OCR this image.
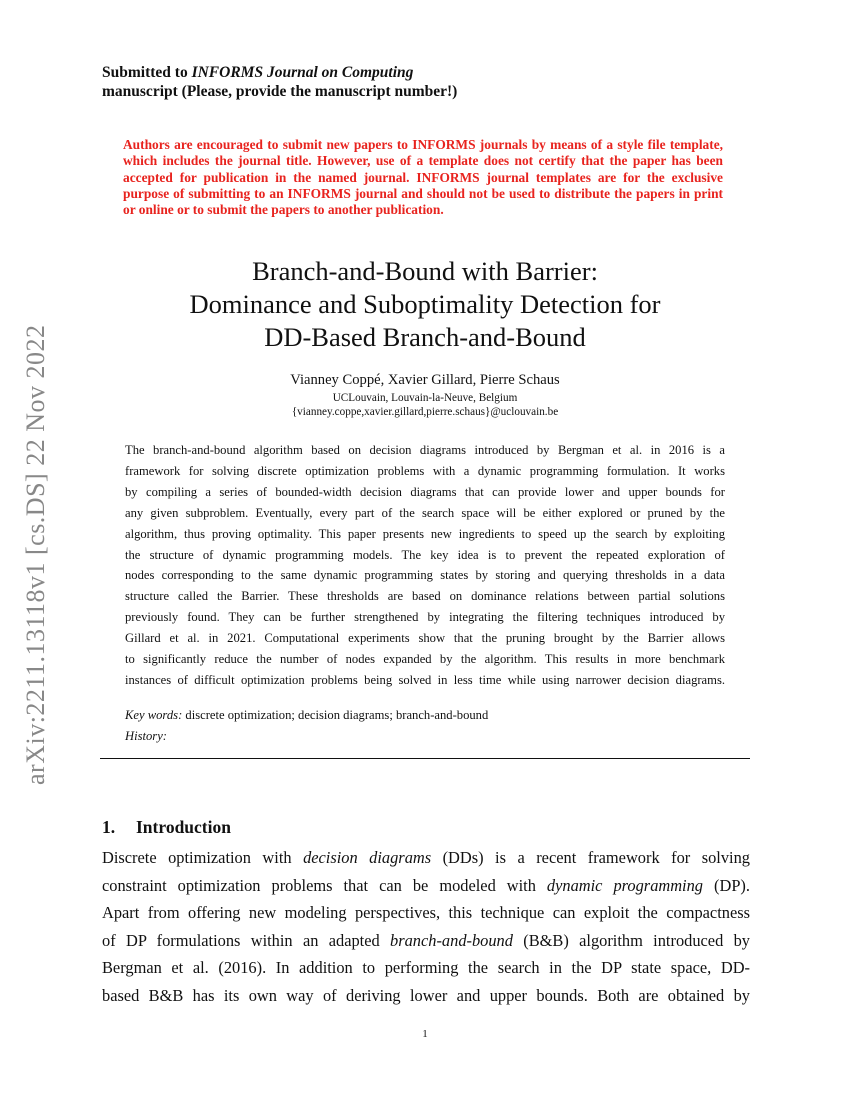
arXiv:2211.13118v1 [cs.DS] 22 Nov 2022
Submitted to INFORMS Journal on Computing
manuscript (Please, provide the manuscript number!)
Authors are encouraged to submit new papers to INFORMS journals by means of a style file template, which includes the journal title. However, use of a template does not certify that the paper has been accepted for publication in the named journal. INFORMS journal templates are for the exclusive purpose of submitting to an INFORMS journal and should not be used to distribute the papers in print or online or to submit the papers to another publication.
Branch-and-Bound with Barrier:
Dominance and Suboptimality Detection for
DD-Based Branch-and-Bound
Vianney Coppé, Xavier Gillard, Pierre Schaus
UCLouvain, Louvain-la-Neuve, Belgium
{vianney.coppe,xavier.gillard,pierre.schaus}@uclouvain.be
The branch-and-bound algorithm based on decision diagrams introduced by Bergman et al. in 2016 is a
framework for solving discrete optimization problems with a dynamic programming formulation. It works
by compiling a series of bounded-width decision diagrams that can provide lower and upper bounds for
any given subproblem. Eventually, every part of the search space will be either explored or pruned by the
algorithm, thus proving optimality. This paper presents new ingredients to speed up the search by exploiting
the structure of dynamic programming models. The key idea is to prevent the repeated exploration of
nodes corresponding to the same dynamic programming states by storing and querying thresholds in a data
structure called the Barrier. These thresholds are based on dominance relations between partial solutions
previously found. They can be further strengthened by integrating the filtering techniques introduced by
Gillard et al. in 2021. Computational experiments show that the pruning brought by the Barrier allows
to significantly reduce the number of nodes expanded by the algorithm. This results in more benchmark
instances of difficult optimization problems being solved in less time while using narrower decision diagrams.
Key words: discrete optimization; decision diagrams; branch-and-bound
History:
1. Introduction
Discrete optimization with decision diagrams (DDs) is a recent framework for solving
constraint optimization problems that can be modeled with dynamic programming (DP).
Apart from offering new modeling perspectives, this technique can exploit the compactness
of DP formulations within an adapted branch-and-bound (B&B) algorithm introduced by
Bergman et al. (2016). In addition to performing the search in the DP state space, DD-
based B&B has its own way of deriving lower and upper bounds. Both are obtained by
1
